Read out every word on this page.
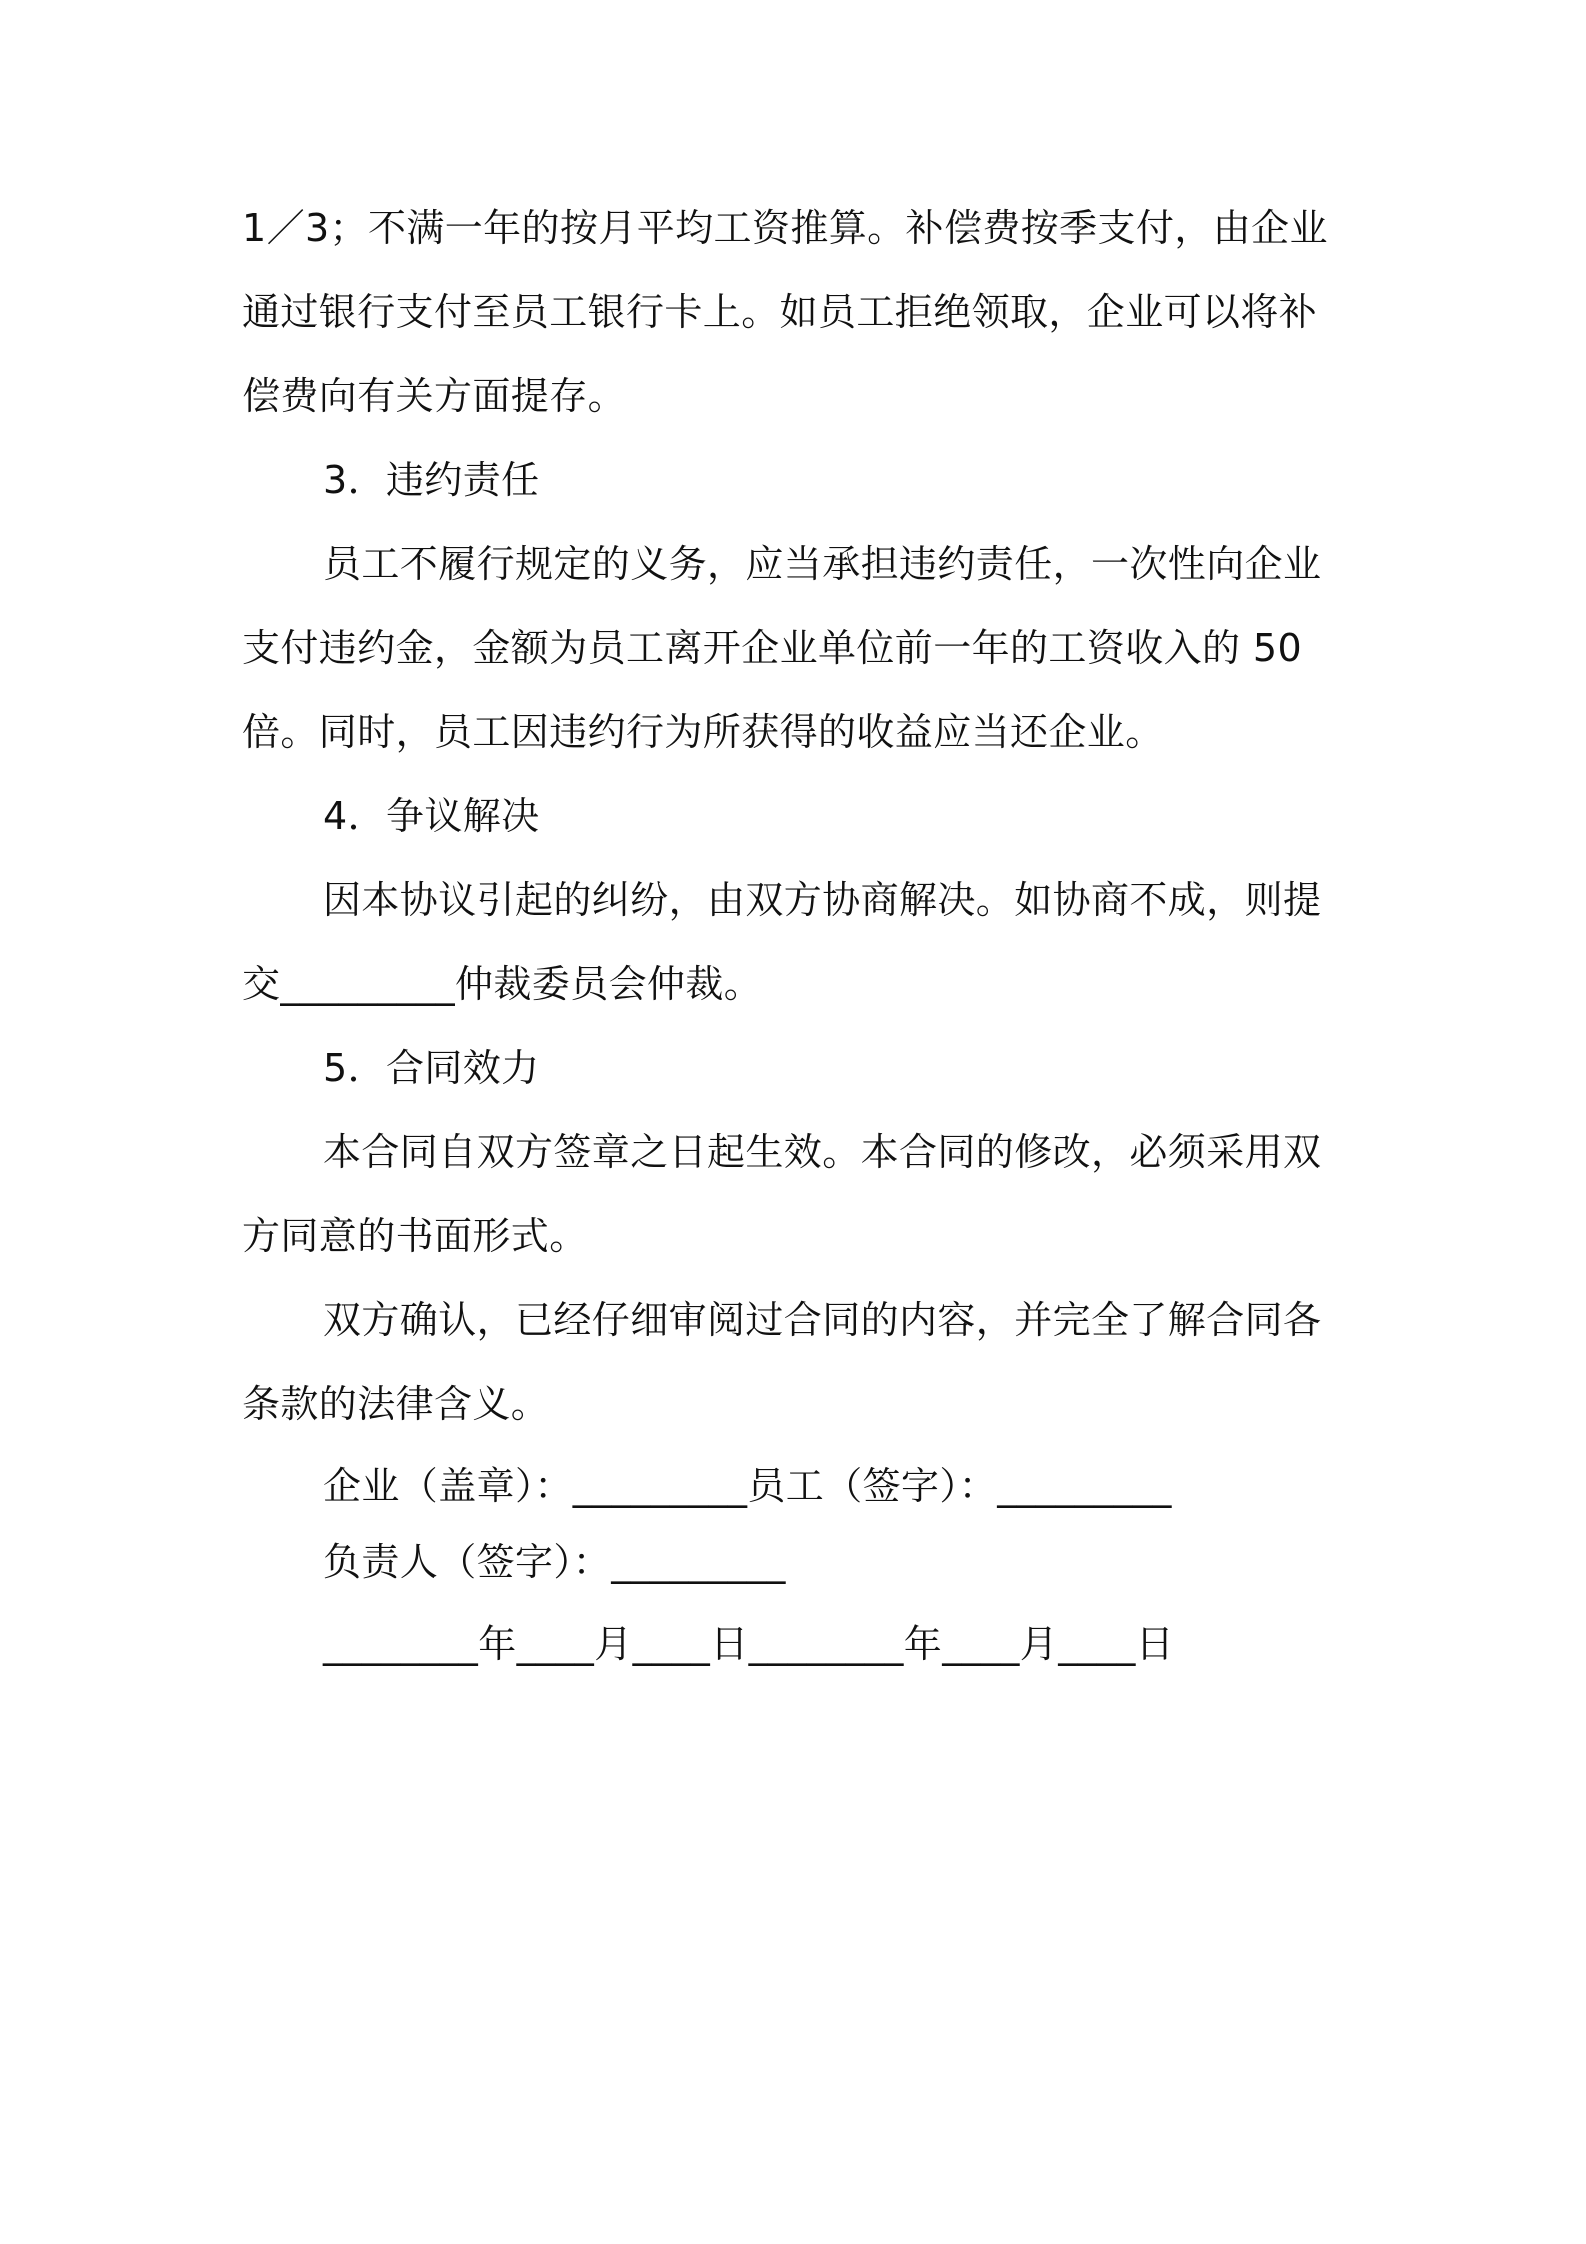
1／3；不满一年的按月平均工资推算。补偿费按季支付，由企业

通过银行支付至员工银行卡上。如员工拒绝领取，企业可以将补

偿费向有关方面提存。

3．违约责任

员工不履行规定的义务，应当承担违约责任，一次性向企业

支付违约金，金额为员工离开企业单位前一年的工资收入的 50

倍。同时，员工因违约行为所获得的收益应当还企业。

4．争议解决

因本协议引起的纠纷，由双方协商解决。如协商不成，则提

交_________仲裁委员会仲裁。

5．合同效力

本合同自双方签章之日起生效。本合同的修改，必须采用双

方同意的书面形式。

双方确认，已经仔细审阅过合同的内容，并完全了解合同各

条款的法律含义。

企业（盖章）：_________员工（签字）：_________

负责人（签字）：_________

________年____月____日________年____月____日
